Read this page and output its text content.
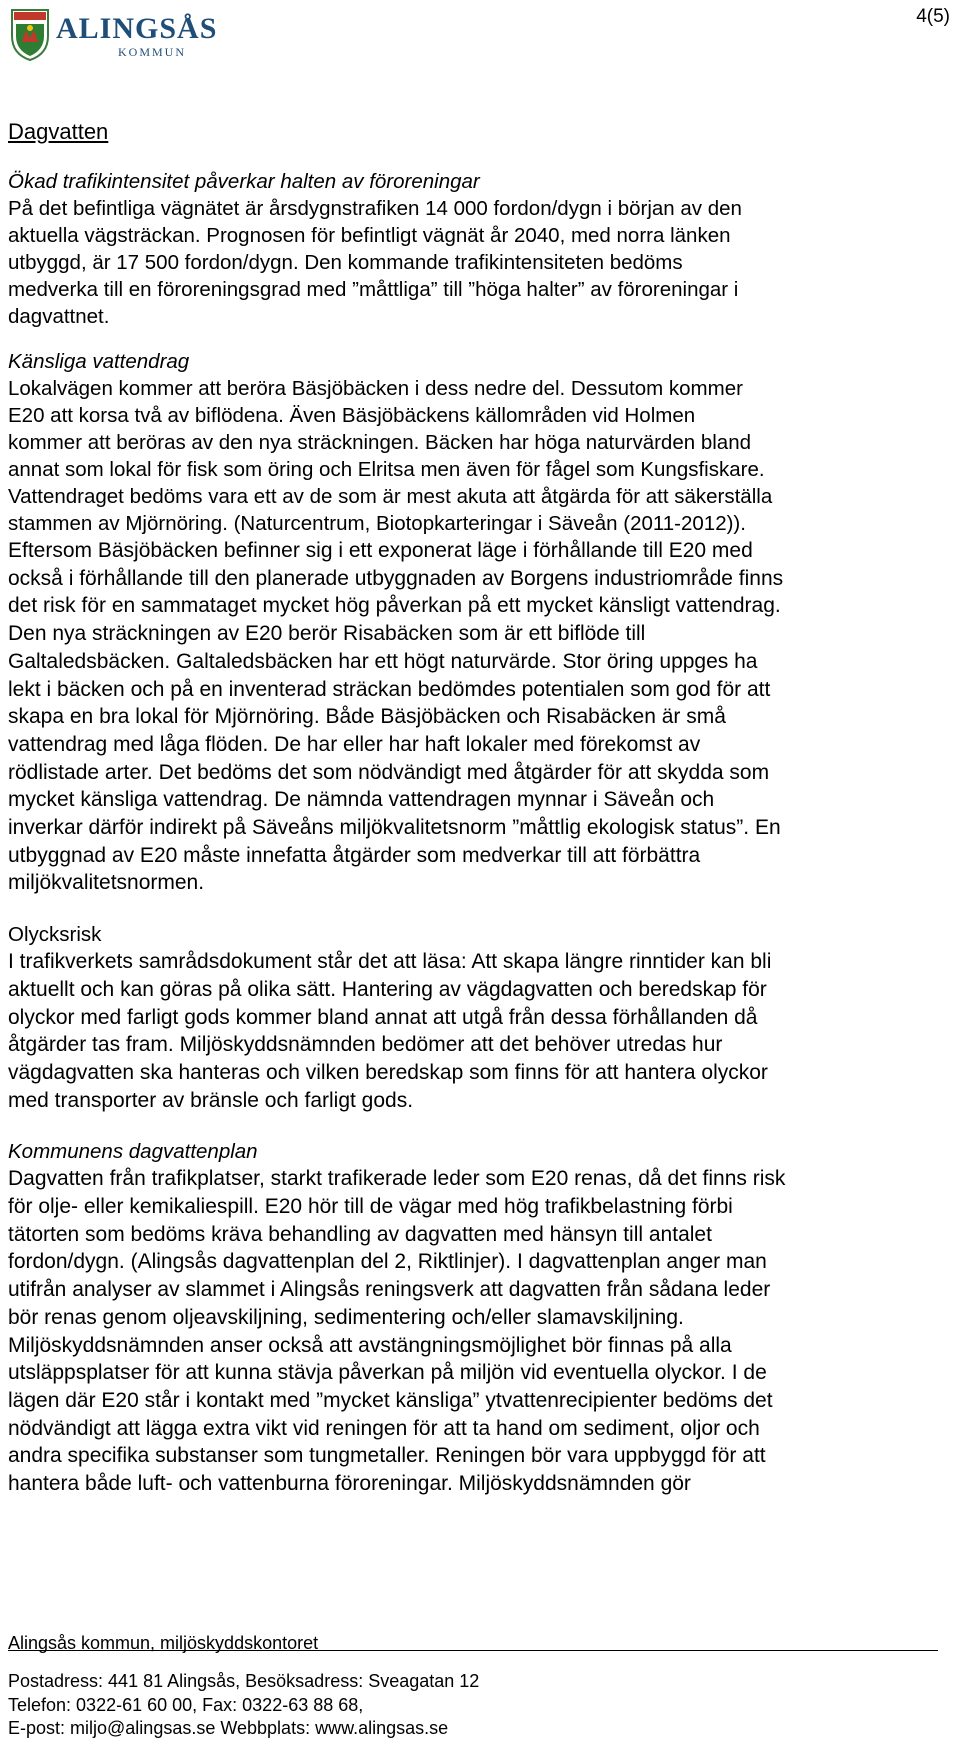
ALINGSÅS
KOMMUN
4(5)
Dagvatten
Ökad trafikintensitet påverkar halten av föroreningar
På det befintliga vägnätet är årsdygnstrafiken 14 000 fordon/dygn i början av den
aktuella vägsträckan. Prognosen för befintligt vägnät år 2040, med norra länken
utbyggd, är 17 500 fordon/dygn. Den kommande trafikintensiteten bedöms
medverka till en föroreningsgrad med ”måttliga” till ”höga halter” av föroreningar i
dagvattnet.
Känsliga vattendrag
Lokalvägen kommer att beröra Bäsjöbäcken i dess nedre del. Dessutom kommer
E20 att korsa två av biflödena. Även Bäsjöbäckens källområden vid Holmen
kommer att beröras av den nya sträckningen. Bäcken har höga naturvärden bland
annat som lokal för fisk som öring och Elritsa men även för fågel som Kungsfiskare.
Vattendraget bedöms vara ett av de som är mest akuta att åtgärda för att säkerställa
stammen av Mjörnöring. (Naturcentrum, Biotopkarteringar i Säveån (2011-2012)).
Eftersom Bäsjöbäcken befinner sig i ett exponerat läge i förhållande till E20 med
också i förhållande till den planerade utbyggnaden av Borgens industriområde finns
det risk för en sammataget mycket hög påverkan på ett mycket känsligt vattendrag.
Den nya sträckningen av E20 berör Risabäcken som är ett biflöde till
Galtaledsbäcken. Galtaledsbäcken har ett högt naturvärde. Stor öring uppges ha
lekt i bäcken och på en inventerad sträckan bedömdes potentialen som god för att
skapa en bra lokal för Mjörnöring. Både Bäsjöbäcken och Risabäcken är små
vattendrag med låga flöden. De har eller har haft lokaler med förekomst av
rödlistade arter. Det bedöms det som nödvändigt med åtgärder för att skydda som
mycket känsliga vattendrag. De nämnda vattendragen mynnar i Säveån och
inverkar därför indirekt på Säveåns miljökvalitetsnorm ”måttlig ekologisk status”. En
utbyggnad av E20 måste innefatta åtgärder som medverkar till att förbättra
miljökvalitetsnormen.
Olycksrisk
I trafikverkets samrådsdokument står det att läsa: Att skapa längre rinntider kan bli
aktuellt och kan göras på olika sätt. Hantering av vägdagvatten och beredskap för
olyckor med farligt gods kommer bland annat att utgå från dessa förhållanden då
åtgärder tas fram. Miljöskyddsnämnden bedömer att det behöver utredas hur
vägdagvatten ska hanteras och vilken beredskap som finns för att hantera olyckor
med transporter av bränsle och farligt gods.
Kommunens dagvattenplan
Dagvatten från trafikplatser, starkt trafikerade leder som E20 renas, då det finns risk
för olje- eller kemikaliespill. E20 hör till de vägar med hög trafikbelastning förbi
tätorten som bedöms kräva behandling av dagvatten med hänsyn till antalet
fordon/dygn. (Alingsås dagvattenplan del 2, Riktlinjer). I dagvattenplan anger man
utifrån analyser av slammet i Alingsås reningsverk att dagvatten från sådana leder
bör renas genom oljeavskiljning, sedimentering och/eller slamavskiljning.
Miljöskyddsnämnden anser också att avstängningsmöjlighet bör finnas på alla
utsläppsplatser för att kunna stävja påverkan på miljön vid eventuella olyckor. I de
lägen där E20 står i kontakt med ”mycket känsliga” ytvattenrecipienter bedöms det
nödvändigt att lägga extra vikt vid reningen för att ta hand om sediment, oljor och
andra specifika substanser som tungmetaller. Reningen bör vara uppbyggd för att
hantera både luft- och vattenburna föroreningar. Miljöskyddsnämnden gör
Alingsås kommun, miljöskyddskontoret
Postadress: 441 81 Alingsås, Besöksadress: Sveagatan 12
Telefon: 0322-61 60 00, Fax: 0322-63 88 68,
E-post: miljo@alingsas.se Webbplats: www.alingsas.se
